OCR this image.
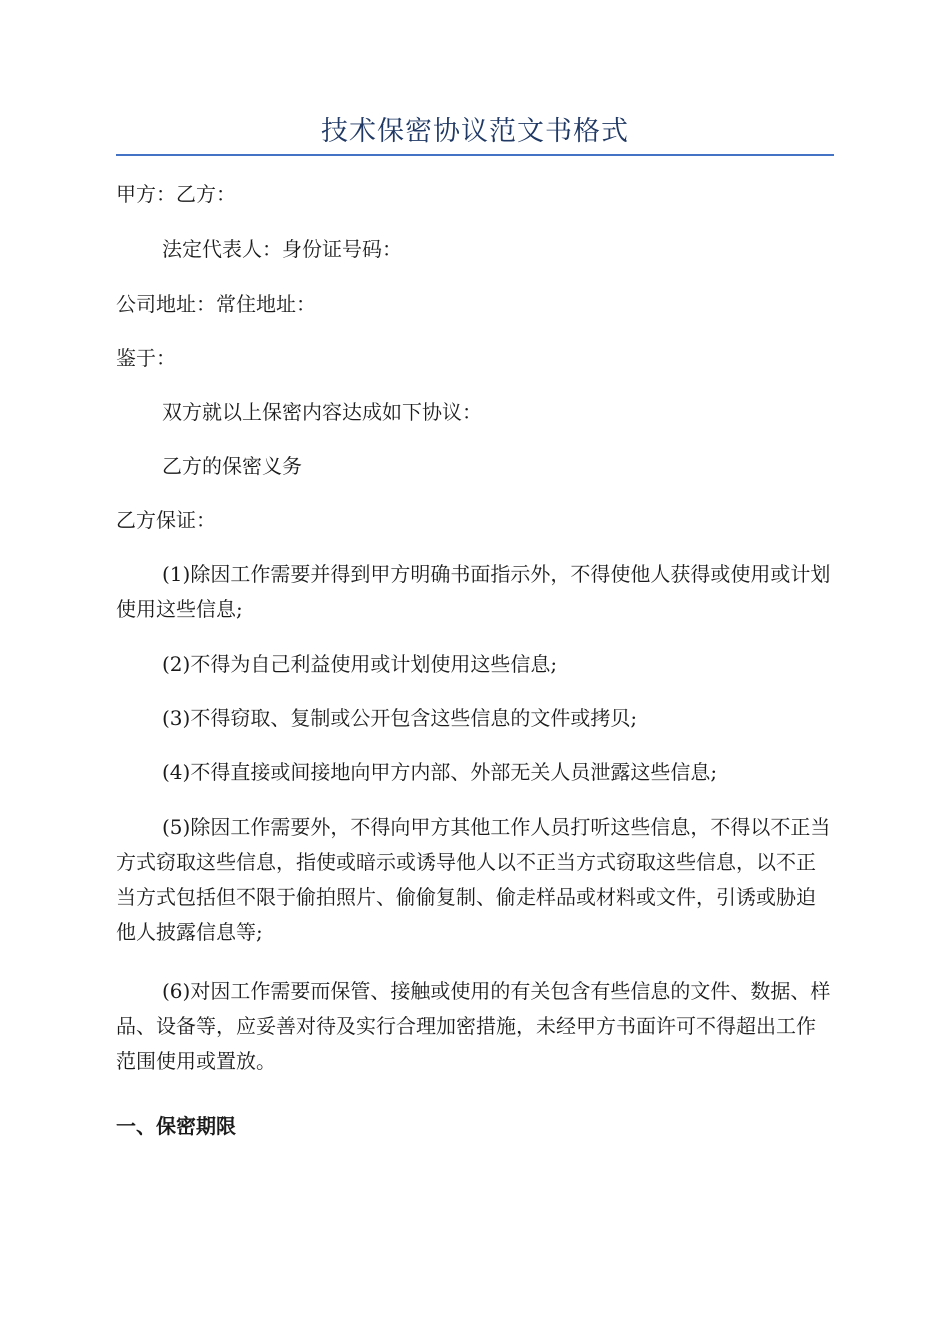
技术保密协议范文书格式

甲方：乙方：

法定代表人：身份证号码：

公司地址：常住地址：

鉴于：

双方就以上保密内容达成如下协议：

乙方的保密义务

乙方保证：

(1)除因工作需要并得到甲方明确书面指示外，不得使他人获得或使用或计划使用这些信息;

(2)不得为自己利益使用或计划使用这些信息;

(3)不得窃取、复制或公开包含这些信息的文件或拷贝;

(4)不得直接或间接地向甲方内部、外部无关人员泄露这些信息;

(5)除因工作需要外，不得向甲方其他工作人员打听这些信息，不得以不正当方式窃取这些信息，指使或暗示或诱导他人以不正当方式窃取这些信息，以不正当方式包括但不限于偷拍照片、偷偷复制、偷走样品或材料或文件，引诱或胁迫他人披露信息等;

(6)对因工作需要而保管、接触或使用的有关包含有些信息的文件、数据、样品、设备等，应妥善对待及实行合理加密措施，未经甲方书面许可不得超出工作范围使用或置放。

一、保密期限
